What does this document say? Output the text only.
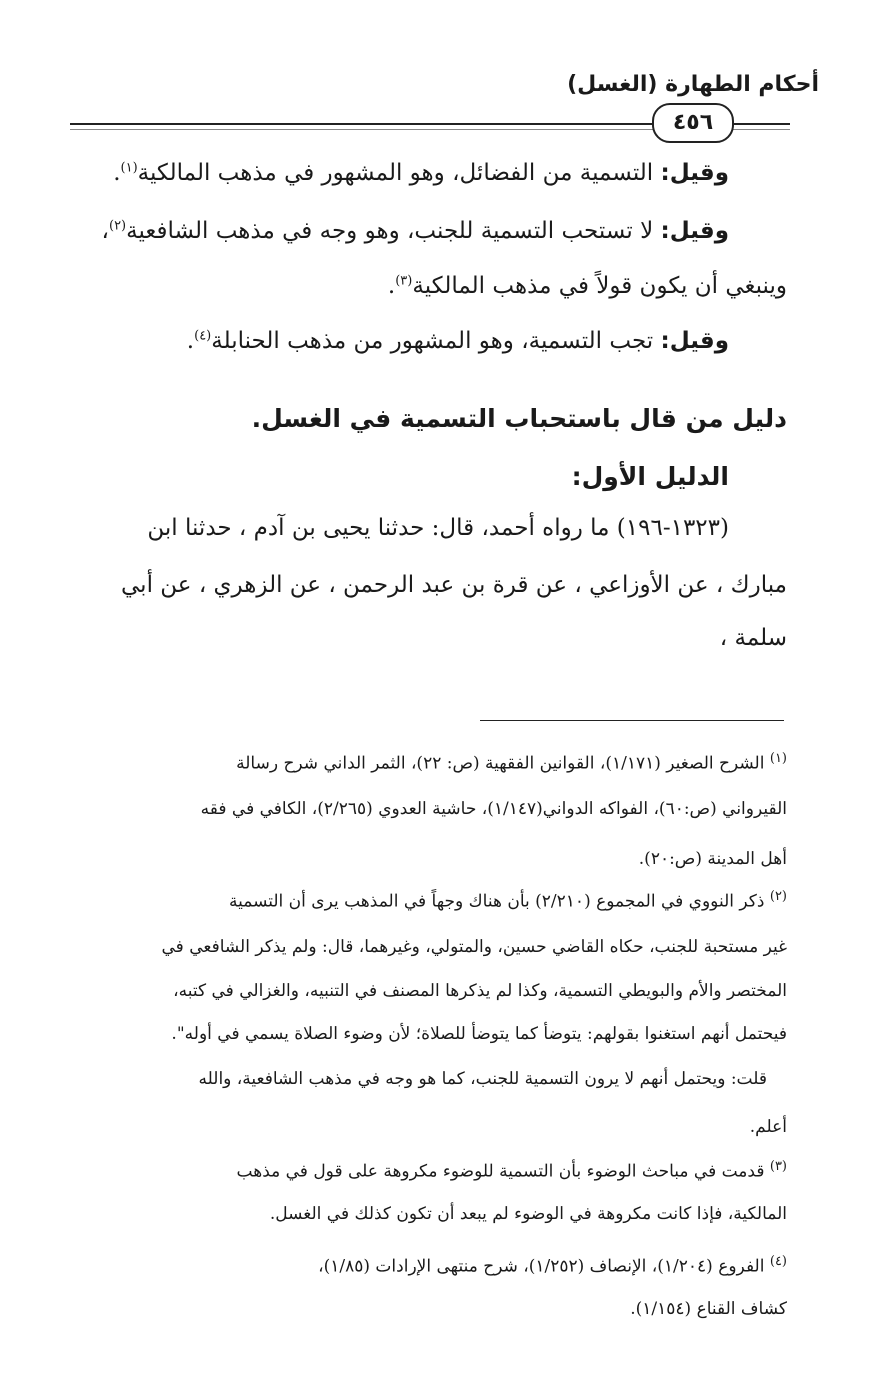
أحكام الطهارة (الغسل)
٤٥٦
وقيل: التسمية من الفضائل، وهو المشهور في مذهب المالكية$^{(١)}$.
وقيل: لا تستحب التسمية للجنب، وهو وجه في مذهب الشافعية$^{(٢)}$،
وينبغي أن يكون قولاً في مذهب المالكية$^{(٣)}$.
وقيل: تجب التسمية، وهو المشهور من مذهب الحنابلة$^{(٤)}$.
دليل من قال باستحباب التسمية في الغسل.
الدليل الأول:
(١٣٢٣-١٩٦) ما رواه أحمد، قال: حدثنا يحيى بن آدم ، حدثنا ابن
مبارك ، عن الأوزاعي ، عن قرة بن عبد الرحمن ، عن الزهري ، عن أبي
سلمة ،
$^{(١)}$ الشرح الصغير (١/١٧١)، القوانين الفقهية (ص: ٢٢)، الثمر الداني شرح رسالة
القيرواني (ص:٦٠)، الفواكه الدواني(١/١٤٧)، حاشية العدوي (٢/٢٦٥)، الكافي في فقه
أهل المدينة (ص:٢٠).
$^{(٢)}$ ذكر النووي في المجموع (٢/٢١٠) بأن هناك وجهاً في المذهب يرى أن التسمية
غير مستحبة للجنب، حكاه القاضي حسين، والمتولي، وغيرهما، قال: ولم يذكر الشافعي في
المختصر والأم والبويطي التسمية، وكذا لم يذكرها المصنف في التنبيه، والغزالي في كتبه،
فيحتمل أنهم استغنوا بقولهم: يتوضأ كما يتوضأ للصلاة؛ لأن وضوء الصلاة يسمي في أوله".
قلت: ويحتمل أنهم لا يرون التسمية للجنب، كما هو وجه في مذهب الشافعية، والله
أعلم.
$^{(٣)}$ قدمت في مباحث الوضوء بأن التسمية للوضوء مكروهة على قول في مذهب
المالكية، فإذا كانت مكروهة في الوضوء لم يبعد أن تكون كذلك في الغسل.
$^{(٤)}$ الفروع (١/٢٠٤)، الإنصاف (١/٢٥٢)، شرح منتهى الإرادات (١/٨٥)،
كشاف القناع (١/١٥٤).
